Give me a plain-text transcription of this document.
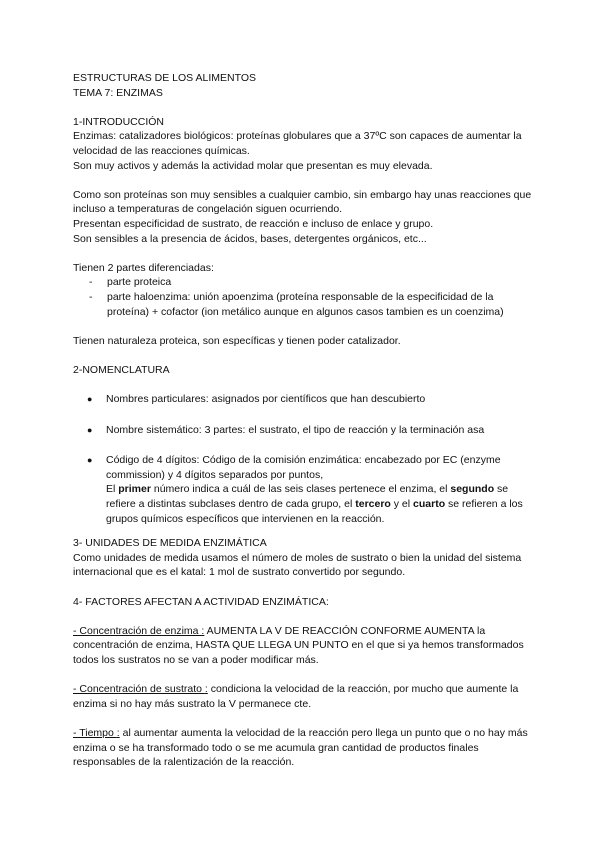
ESTRUCTURAS DE LOS ALIMENTOS

TEMA 7: ENZIMAS

1-INTRODUCCIÓN

Enzimas: catalizadores biológicos: proteínas globulares que a 37ºC son capaces de aumentar la velocidad de las reacciones químicas.

Son muy activos y además la actividad molar que presentan es muy elevada.

Como son proteínas son muy sensibles a cualquier cambio, sin embargo hay unas reacciones que incluso a temperaturas de congelación siguen ocurriendo.

Presentan especificidad de sustrato, de reacción e incluso de enlace y grupo.

Son sensibles a la presencia de ácidos, bases, detergentes orgánicos, etc...

Tienen 2 partes diferenciadas:

- parte proteica
- parte haloenzima: unión apoenzima (proteína responsable de la especificidad de la proteína) + cofactor (ion metálico aunque en algunos casos tambien es un coenzima)

Tienen naturaleza proteica, son específicas y tienen poder catalizador.

2-NOMENCLATURA

● Nombres particulares: asignados por científicos que han descubierto
● Nombre sistemático: 3 partes: el sustrato, el tipo de reacción y la terminación asa
● Código de 4 dígitos: Código de la comisión enzimática: encabezado por EC (enzyme commission) y 4 dígitos separados por puntos,
El primer número indica a cuál de las seis clases pertenece el enzima, el segundo se refiere a distintas subclases dentro de cada grupo, el tercero y el cuarto se refieren a los grupos químicos específicos que intervienen en la reacción.

3- UNIDADES DE MEDIDA ENZIMÁTICA

Como unidades de medida usamos el número de moles de sustrato o bien la unidad del sistema internacional que es el katal: 1 mol de sustrato convertido por segundo.

4- FACTORES AFECTAN A ACTIVIDAD ENZIMÁTICA:

- Concentración de enzima : AUMENTA LA V DE REACCIÓN CONFORME AUMENTA la concentración de enzima, HASTA QUE LLEGA UN PUNTO en el que si ya hemos transformados todos los sustratos no se van a poder modificar más.

- Concentración de sustrato : condiciona la velocidad de la reacción, por mucho que aumente la enzima si no hay más sustrato la V permanece cte.

- Tiempo : al aumentar aumenta la velocidad de la reacción pero llega un punto que o no hay más enzima o se ha transformado todo o se me acumula gran cantidad de productos finales responsables de la ralentización de la reacción.
